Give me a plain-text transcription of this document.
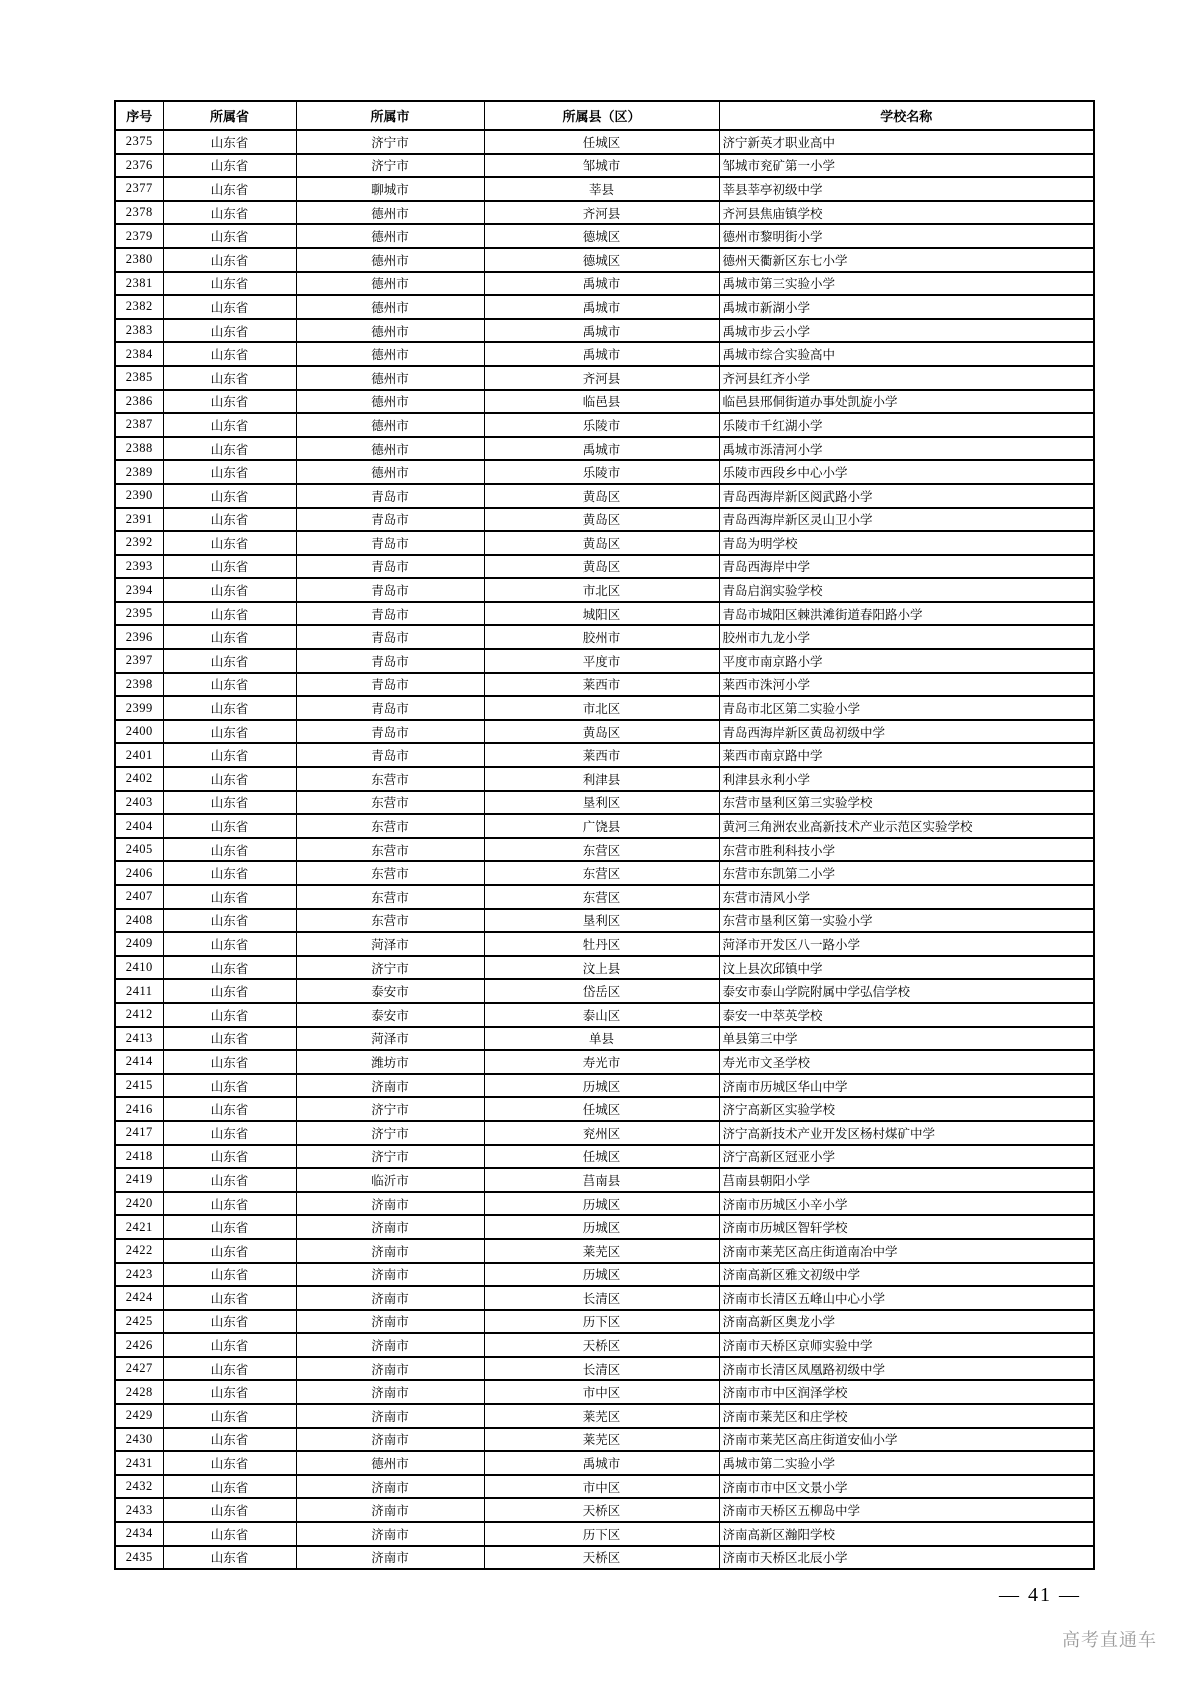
序号	所属省	所属市	所属县（区）	学校名称
2375	山东省	济宁市	任城区	济宁新英才职业高中
2376	山东省	济宁市	邹城市	邹城市兖矿第一小学
2377	山东省	聊城市	莘县	莘县莘亭初级中学
2378	山东省	德州市	齐河县	齐河县焦庙镇学校
2379	山东省	德州市	德城区	德州市黎明街小学
2380	山东省	德州市	德城区	德州天衢新区东七小学
2381	山东省	德州市	禹城市	禹城市第三实验小学
2382	山东省	德州市	禹城市	禹城市新湖小学
2383	山东省	德州市	禹城市	禹城市步云小学
2384	山东省	德州市	禹城市	禹城市综合实验高中
2385	山东省	德州市	齐河县	齐河县红齐小学
2386	山东省	德州市	临邑县	临邑县邢侗街道办事处凯旋小学
2387	山东省	德州市	乐陵市	乐陵市千红湖小学
2388	山东省	德州市	禹城市	禹城市泺清河小学
2389	山东省	德州市	乐陵市	乐陵市西段乡中心小学
2390	山东省	青岛市	黄岛区	青岛西海岸新区阅武路小学
2391	山东省	青岛市	黄岛区	青岛西海岸新区灵山卫小学
2392	山东省	青岛市	黄岛区	青岛为明学校
2393	山东省	青岛市	黄岛区	青岛西海岸中学
2394	山东省	青岛市	市北区	青岛启润实验学校
2395	山东省	青岛市	城阳区	青岛市城阳区棘洪滩街道春阳路小学
2396	山东省	青岛市	胶州市	胶州市九龙小学
2397	山东省	青岛市	平度市	平度市南京路小学
2398	山东省	青岛市	莱西市	莱西市洙河小学
2399	山东省	青岛市	市北区	青岛市北区第二实验小学
2400	山东省	青岛市	黄岛区	青岛西海岸新区黄岛初级中学
2401	山东省	青岛市	莱西市	莱西市南京路中学
2402	山东省	东营市	利津县	利津县永利小学
2403	山东省	东营市	垦利区	东营市垦利区第三实验学校
2404	山东省	东营市	广饶县	黄河三角洲农业高新技术产业示范区实验学校
2405	山东省	东营市	东营区	东营市胜利科技小学
2406	山东省	东营市	东营区	东营市东凯第二小学
2407	山东省	东营市	东营区	东营市清风小学
2408	山东省	东营市	垦利区	东营市垦利区第一实验小学
2409	山东省	菏泽市	牡丹区	菏泽市开发区八一路小学
2410	山东省	济宁市	汶上县	汶上县次邱镇中学
2411	山东省	泰安市	岱岳区	泰安市泰山学院附属中学弘信学校
2412	山东省	泰安市	泰山区	泰安一中萃英学校
2413	山东省	菏泽市	单县	单县第三中学
2414	山东省	潍坊市	寿光市	寿光市文圣学校
2415	山东省	济南市	历城区	济南市历城区华山中学
2416	山东省	济宁市	任城区	济宁高新区实验学校
2417	山东省	济宁市	兖州区	济宁高新技术产业开发区杨村煤矿中学
2418	山东省	济宁市	任城区	济宁高新区冠亚小学
2419	山东省	临沂市	莒南县	莒南县朝阳小学
2420	山东省	济南市	历城区	济南市历城区小辛小学
2421	山东省	济南市	历城区	济南市历城区智轩学校
2422	山东省	济南市	莱芜区	济南市莱芜区高庄街道南冶中学
2423	山东省	济南市	历城区	济南高新区雅文初级中学
2424	山东省	济南市	长清区	济南市长清区五峰山中心小学
2425	山东省	济南市	历下区	济南高新区奥龙小学
2426	山东省	济南市	天桥区	济南市天桥区京师实验中学
2427	山东省	济南市	长清区	济南市长清区凤凰路初级中学
2428	山东省	济南市	市中区	济南市市中区润泽学校
2429	山东省	济南市	莱芜区	济南市莱芜区和庄学校
2430	山东省	济南市	莱芜区	济南市莱芜区高庄街道安仙小学
2431	山东省	德州市	禹城市	禹城市第二实验小学
2432	山东省	济南市	市中区	济南市市中区文景小学
2433	山东省	济南市	天桥区	济南市天桥区五柳岛中学
2434	山东省	济南市	历下区	济南高新区瀚阳学校
2435	山东省	济南市	天桥区	济南市天桥区北辰小学
— 41 —
高考直通车
